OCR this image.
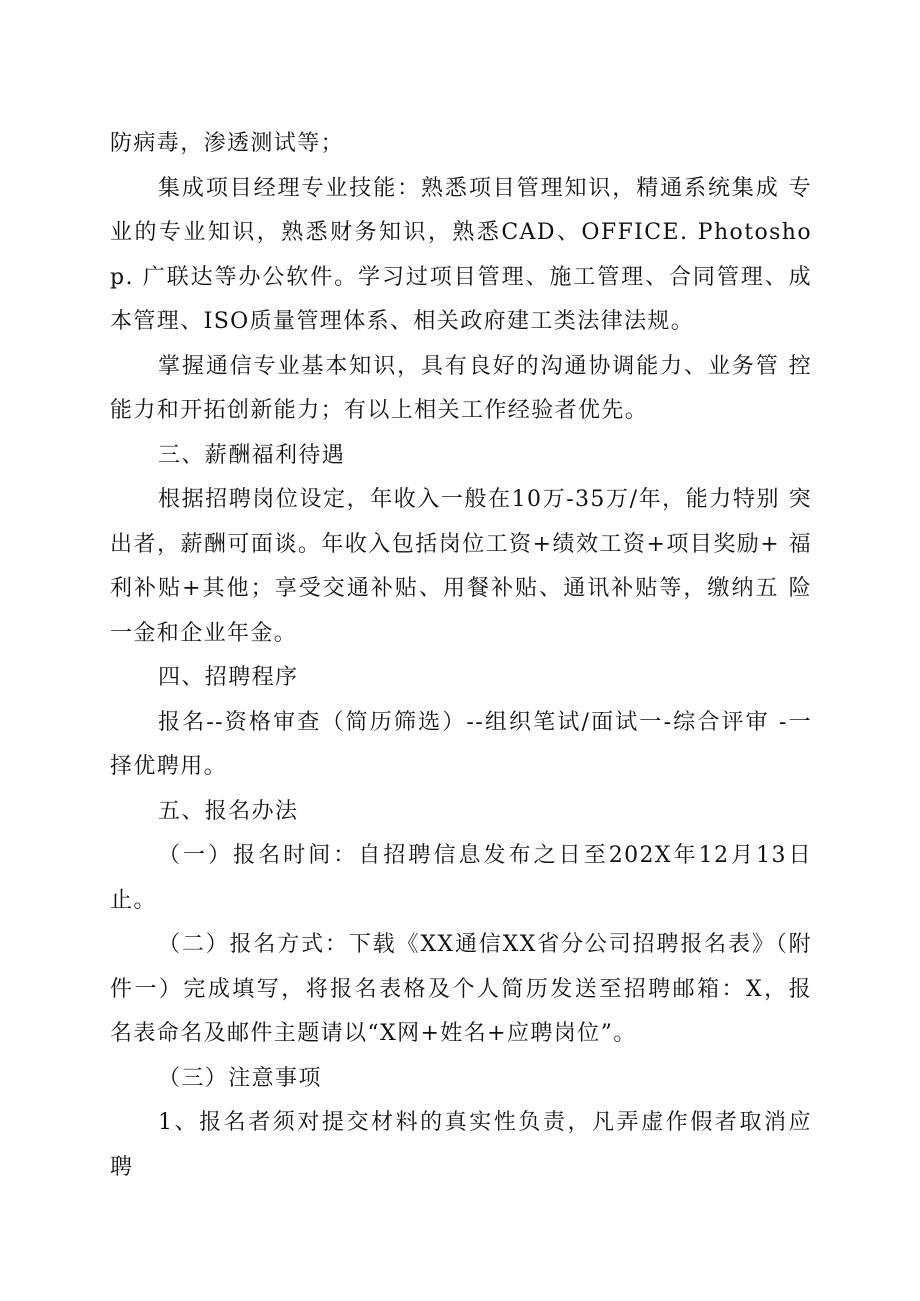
防病毒，渗透测试等；

集成项目经理专业技能：熟悉项目管理知识，精通系统集成 专业的专业知识，熟悉财务知识，熟悉CAD、OFFICE. Photoshop. 广联达等办公软件。学习过项目管理、施工管理、合同管理、成 本管理、ISO质量管理体系、相关政府建工类法律法规。

掌握通信专业基本知识，具有良好的沟通协调能力、业务管 控能力和开拓创新能力；有以上相关工作经验者优先。

三、薪酬福利待遇

根据招聘岗位设定，年收入一般在10万-35万/年，能力特别 突出者，薪酬可面谈。年收入包括岗位工资+绩效工资+项目奖励+ 福利补贴+其他；享受交通补贴、用餐补贴、通讯补贴等，缴纳五 险一金和企业年金。

四、招聘程序

报名--资格审查（简历筛选）--组织笔试/面试一-综合评审 -一择优聘用。

五、报名办法

（一）报名时间：自招聘信息发布之日至202X年12月13日止。

（二）报名方式：下载《XX通信XX省分公司招聘报名表》（附 件一）完成填写，将报名表格及个人简历发送至招聘邮箱：X，报 名表命名及邮件主题请以“X网+姓名+应聘岗位”。

（三）注意事项

1、报名者须对提交材料的真实性负责，凡弄虚作假者取消应 聘
